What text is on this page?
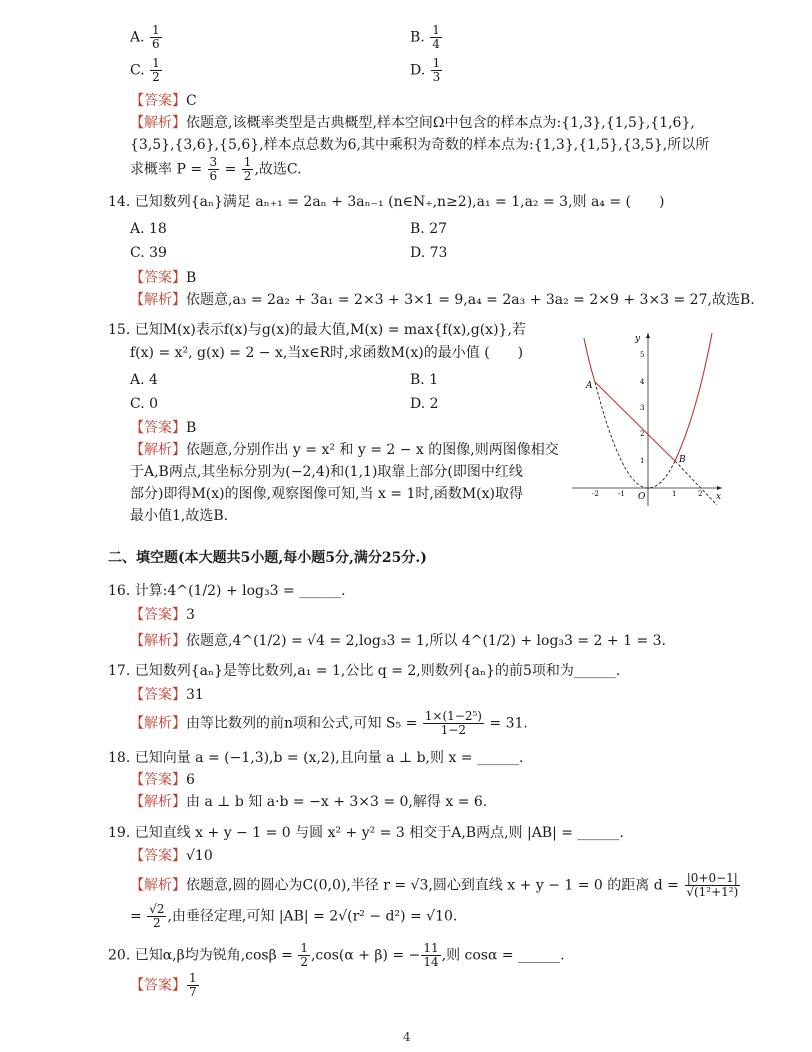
A. $\frac{1}{6}$	B. $\frac{1}{4}$
C. $\frac{1}{2}$	D. $\frac{1}{3}$
【答案】C
【解析】依题意,该概率类型是古典概型,样本空间Ω中包含的样本点为:{1,3},{1,5},{1,6},
{3,5},{3,6},{5,6},样本点总数为6,其中乘积为奇数的样本点为:{1,3},{1,5},{3,5},所以所
求概率 $P = \frac{3}{6} = \frac{1}{2}$ ,故选C.
14. 已知数列{aₙ}满足 aₙ₊₁ = 2aₙ + 3aₙ₋₁ (n∈N₊,n≥2),a₁ = 1,a₂ = 3,则 a₄ = (　　)
A. 18	B. 27
C. 39	D. 73
【答案】B
【解析】依题意,a₃ = 2a₂ + 3a₁ = 2×3 + 3×1 = 9,a₄ = 2a₃ + 3a₂ = 2×9 + 3×3 = 27,故选B.
15. 已知M(x)表示f(x)与g(x)的最大值,M(x) = max{f(x),g(x)},若
f(x) = x², g(x) = 2 − x,当x∈R时,求函数M(x)的最小值 (　　)
A. 4	B. 1
C. 0	D. 2
【答案】B
【解析】依题意,分别作出 y = x² 和 y = 2 − x 的图像,则两图像相交
于A,B两点,其坐标分别为(−2,4)和(1,1)取靠上部分(即图中红线
部分)即得M(x)的图像,观察图像可知,当 x = 1时,函数M(x)取得
最小值1,故选B.
y
x
O
1
2
3
4
5
-2	-1	1	2
A
B
二、填空题(本大题共5小题,每小题5分,满分25分.)
16. 计算:4^(1/2) + log₃3 = ______.
【答案】3
【解析】依题意,4^(1/2) = √4 = 2,log₃3 = 1,所以 4^(1/2) + log₃3 = 2 + 1 = 3.
17. 已知数列{aₙ}是等比数列,a₁ = 1,公比 q = 2,则数列{aₙ}的前5项和为______.
【答案】31
【解析】由等比数列的前n项和公式,可知 $S_5 = \frac{\text{1×(1−2⁵)}}{1-2} = 31$.
18. 已知向量 a = (−1,3),b = (x,2),且向量 a ⊥ b,则 x = ______.
【答案】6
【解析】由 a ⊥ b 知 a·b = −x + 3×3 = 0,解得 x = 6.
19. 已知直线 x + y − 1 = 0 与圆 x² + y² = 3 相交于A,B两点,则 |AB| = ______.
【答案】√10
【解析】依题意,圆的圆心为C(0,0),半径 r = √3,圆心到直线 x + y − 1 = 0 的距离 $d = \frac{|0+0-1|}{\text{√(1²+1²)}}$
= $\frac{√2}{2}$ ,由垂径定理,可知 |AB| = 2√(r² − d²) = √10.
20. 已知α,β均为锐角$,\cos\beta = \frac{1}{2} ,\cos(\alpha + \beta)$ = − $\frac{11}{14}$ ,则 cosα = ______.
【答案】 $\frac{1}{7}$
4
